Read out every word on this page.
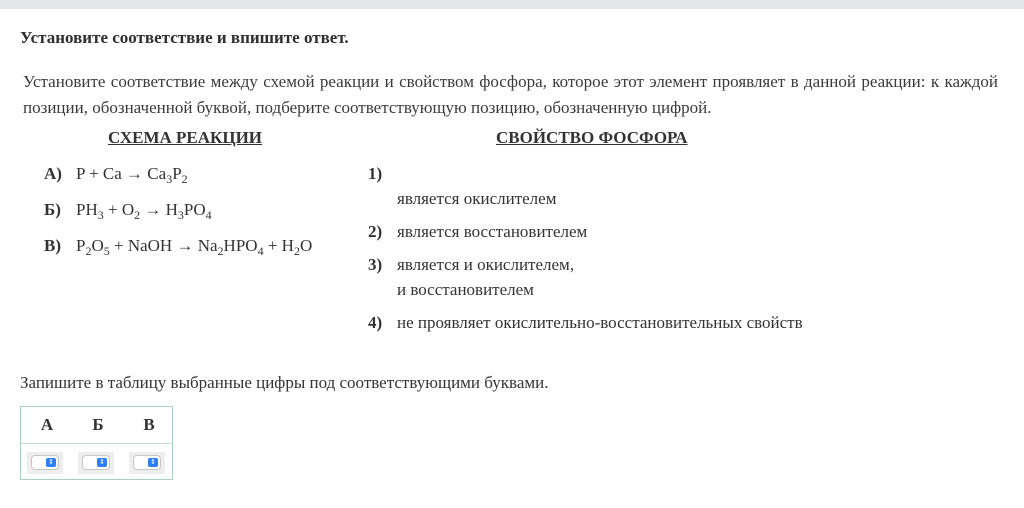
Установите соответствие и впишите ответ.
Установите соответствие между схемой реакции и свойством фосфора, которое этот элемент проявляет в данной реакции: к каждой позиции, обозначенной буквой, подберите соответствующую позицию, обозначенную цифрой.
СХЕМА РЕАКЦИИ	СВОЙСТВО ФОСФОРА
А) $P + Ca \to Ca_3P_2$
Б) $PH_3 + O_2 \to H_3PO_4$
В) $P_2O_5$ + NaOH → $Na_2HPO_4 + H_2O$
1)
является окислителем
2) является восстановителем
3) является и окислителем,
и восстановителем
4) не проявляет окислительно-восстановительных свойств
Запишите в таблицу выбранные цифры под соответствующими буквами.
А	Б	В
⇕	⇕	⇕
